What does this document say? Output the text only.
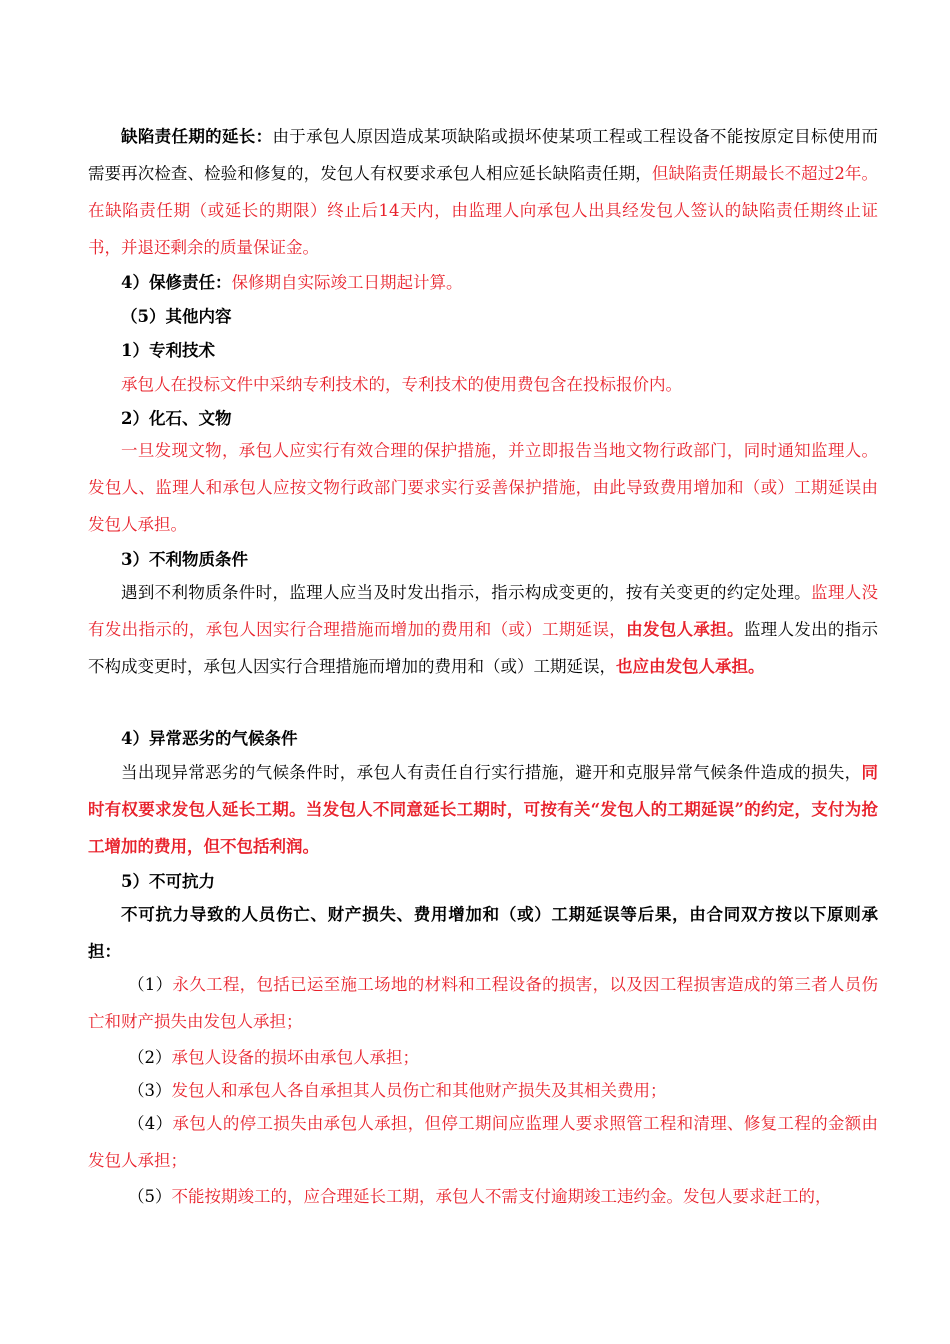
缺陷责任期的延长：由于承包人原因造成某项缺陷或损坏使某项工程或工程设备不能按原定目标使用而需要再次检查、检验和修复的，发包人有权要求承包人相应延长缺陷责任期，但缺陷责任期最长不超过2年。在缺陷责任期（或延长的期限）终止后14天内，由监理人向承包人出具经发包人签认的缺陷责任期终止证书，并退还剩余的质量保证金。

4）保修责任：保修期自实际竣工日期起计算。

（5）其他内容

1）专利技术

承包人在投标文件中采纳专利技术的，专利技术的使用费包含在投标报价内。

2）化石、文物

一旦发现文物，承包人应实行有效合理的保护措施，并立即报告当地文物行政部门，同时通知监理人。发包人、监理人和承包人应按文物行政部门要求实行妥善保护措施，由此导致费用增加和（或）工期延误由发包人承担。

3）不利物质条件

遇到不利物质条件时，监理人应当及时发出指示，指示构成变更的，按有关变更的约定处理。监理人没有发出指示的，承包人因实行合理措施而增加的费用和（或）工期延误，由发包人承担。监理人发出的指示不构成变更时，承包人因实行合理措施而增加的费用和（或）工期延误，也应由发包人承担。

4）异常恶劣的气候条件

当出现异常恶劣的气候条件时，承包人有责任自行实行措施，避开和克服异常气候条件造成的损失，同时有权要求发包人延长工期。当发包人不同意延长工期时，可按有关“发包人的工期延误”的约定，支付为抢工增加的费用，但不包括利润。

5）不可抗力

不可抗力导致的人员伤亡、财产损失、费用增加和（或）工期延误等后果，由合同双方按以下原则承担：

（1）永久工程，包括已运至施工场地的材料和工程设备的损害，以及因工程损害造成的第三者人员伤亡和财产损失由发包人承担；

（2）承包人设备的损坏由承包人承担；

（3）发包人和承包人各自承担其人员伤亡和其他财产损失及其相关费用；

（4）承包人的停工损失由承包人承担，但停工期间应监理人要求照管工程和清理、修复工程的金额由发包人承担；

（5）不能按期竣工的，应合理延长工期，承包人不需支付逾期竣工违约金。发包人要求赶工的，
